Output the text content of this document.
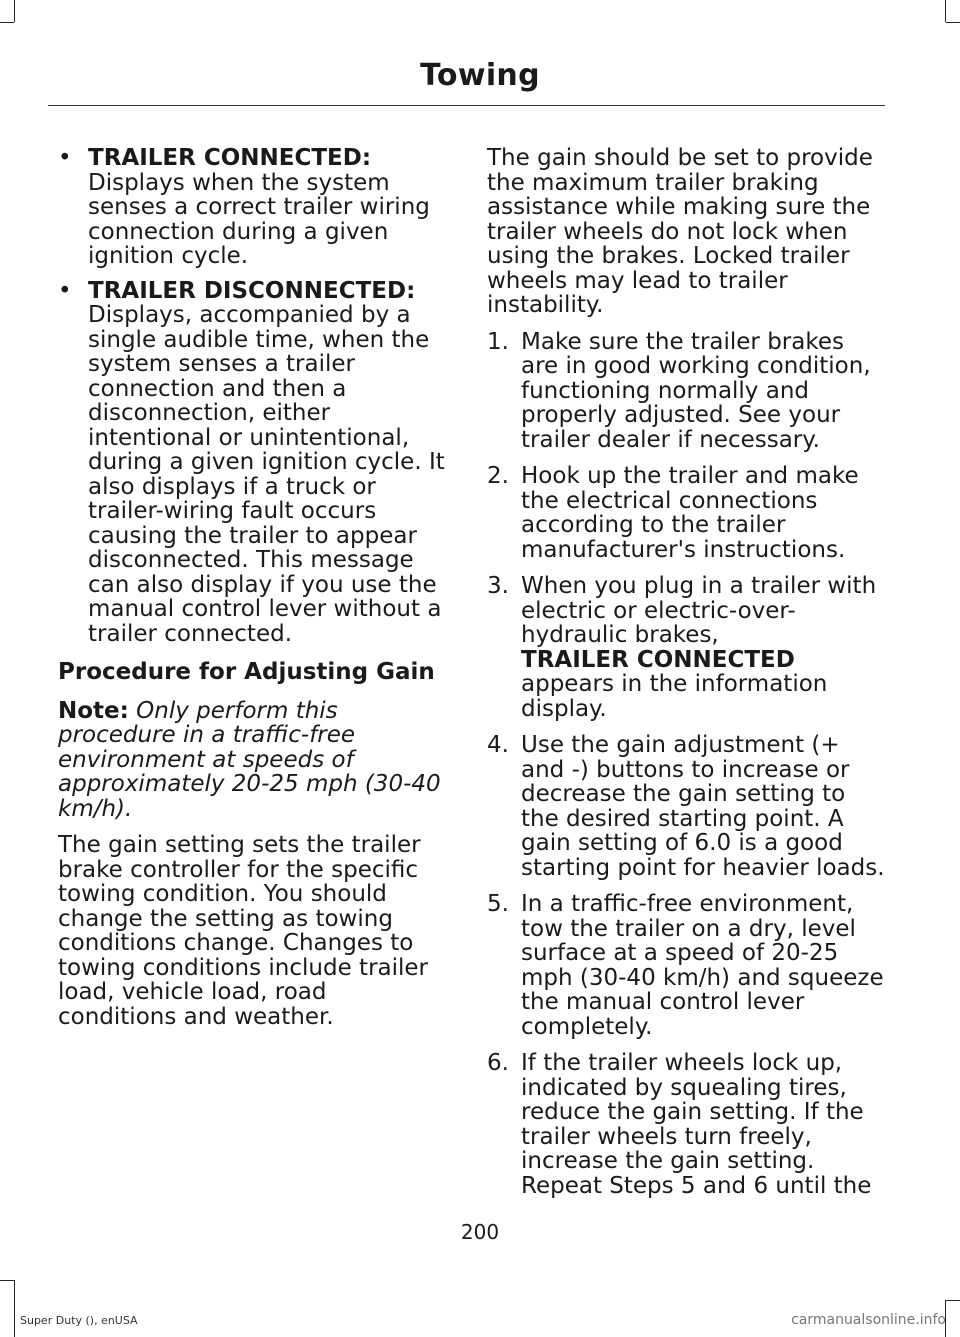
Towing
• TRAILER CONNECTED:
Displays when the system senses a correct trailer wiring connection during a given ignition cycle.
• TRAILER DISCONNECTED:
Displays, accompanied by a single audible time, when the system senses a trailer connection and then a disconnection, either intentional or unintentional, during a given ignition cycle. It also displays if a truck or trailer-wiring fault occurs causing the trailer to appear disconnected. This message can also display if you use the manual control lever without a trailer connected.
Procedure for Adjusting Gain

Note: Only perform this procedure in a traffic-free environment at speeds of approximately 20-25 mph (30-40 km/h).

The gain setting sets the trailer brake controller for the specific towing condition. You should change the setting as towing conditions change. Changes to towing conditions include trailer load, vehicle load, road conditions and weather.

The gain should be set to provide the maximum trailer braking assistance while making sure the trailer wheels do not lock when using the brakes. Locked trailer wheels may lead to trailer instability.

1. Make sure the trailer brakes are in good working condition, functioning normally and properly adjusted. See your trailer dealer if necessary.
2. Hook up the trailer and make the electrical connections according to the trailer manufacturer's instructions.
3. When you plug in a trailer with electric or electric-over-hydraulic brakes,
TRAILER CONNECTED
appears in the information display.
4. Use the gain adjustment (+ and -) buttons to increase or decrease the gain setting to the desired starting point. A gain setting of 6.0 is a good starting point for heavier loads.
5. In a traffic-free environment, tow the trailer on a dry, level surface at a speed of 20-25 mph (30-40 km/h) and squeeze the manual control lever completely.
6. If the trailer wheels lock up, indicated by squealing tires, reduce the gain setting. If the trailer wheels turn freely, increase the gain setting. Repeat Steps 5 and 6 until the
200
Super Duty (), enUSA	carmanualsonline.info
